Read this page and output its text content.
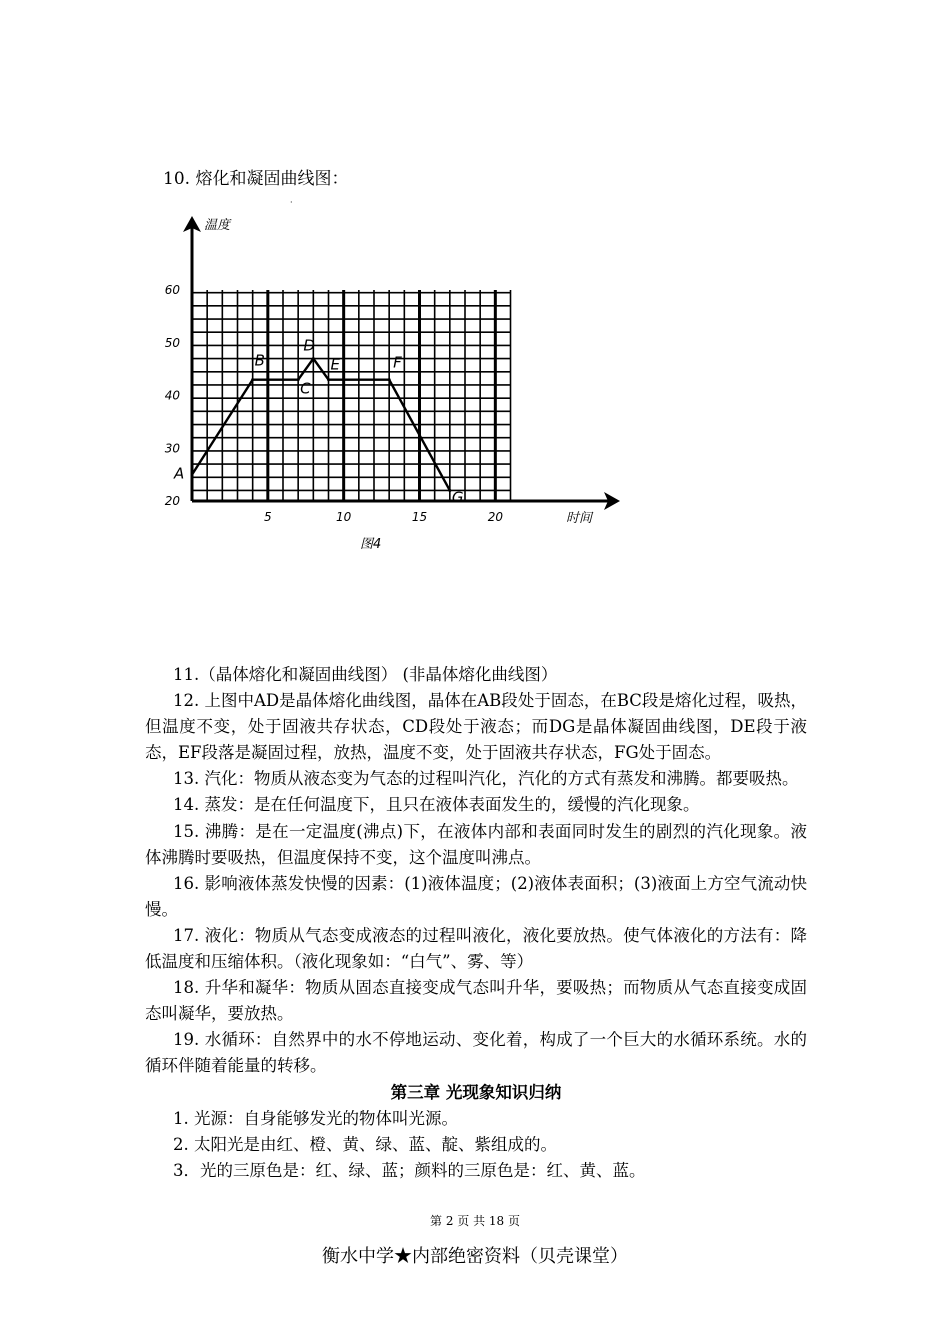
10. 熔化和凝固曲线图：
·
5	10	15	20
20
30
40
50
60
A
B
C
D
E	F
G
温度
时间
图4

11.（晶体熔化和凝固曲线图） (非晶体熔化曲线图）

12. 上图中AD是晶体熔化曲线图，晶体在AB段处于固态，在BC段是熔化过程，吸热，但温度不变，处于固液共存状态，CD段处于液态；而DG是晶体凝固曲线图，DE段于液态，EF段落是凝固过程，放热，温度不变，处于固液共存状态，FG处于固态。

13. 汽化：物质从液态变为气态的过程叫汽化，汽化的方式有蒸发和沸腾。都要吸热。

14. 蒸发：是在任何温度下，且只在液体表面发生的，缓慢的汽化现象。

15. 沸腾：是在一定温度(沸点)下，在液体内部和表面同时发生的剧烈的汽化现象。液体沸腾时要吸热，但温度保持不变，这个温度叫沸点。

16. 影响液体蒸发快慢的因素：(1)液体温度；(2)液体表面积；(3)液面上方空气流动快慢。

17. 液化：物质从气态变成液态的过程叫液化，液化要放热。使气体液化的方法有：降低温度和压缩体积。（液化现象如：“白气”、雾、等）

18. 升华和凝华：物质从固态直接变成气态叫升华，要吸热；而物质从气态直接变成固态叫凝华，要放热。

19. 水循环：自然界中的水不停地运动、变化着，构成了一个巨大的水循环系统。水的循环伴随着能量的转移。

第三章 光现象知识归纳

1. 光源：自身能够发光的物体叫光源。

2. 太阳光是由红、橙、黄、绿、蓝、靛、紫组成的。

3．光的三原色是：红、绿、蓝；颜料的三原色是：红、黄、蓝。

第 2 页 共 18 页
衡水中学★内部绝密资料（贝壳课堂）
